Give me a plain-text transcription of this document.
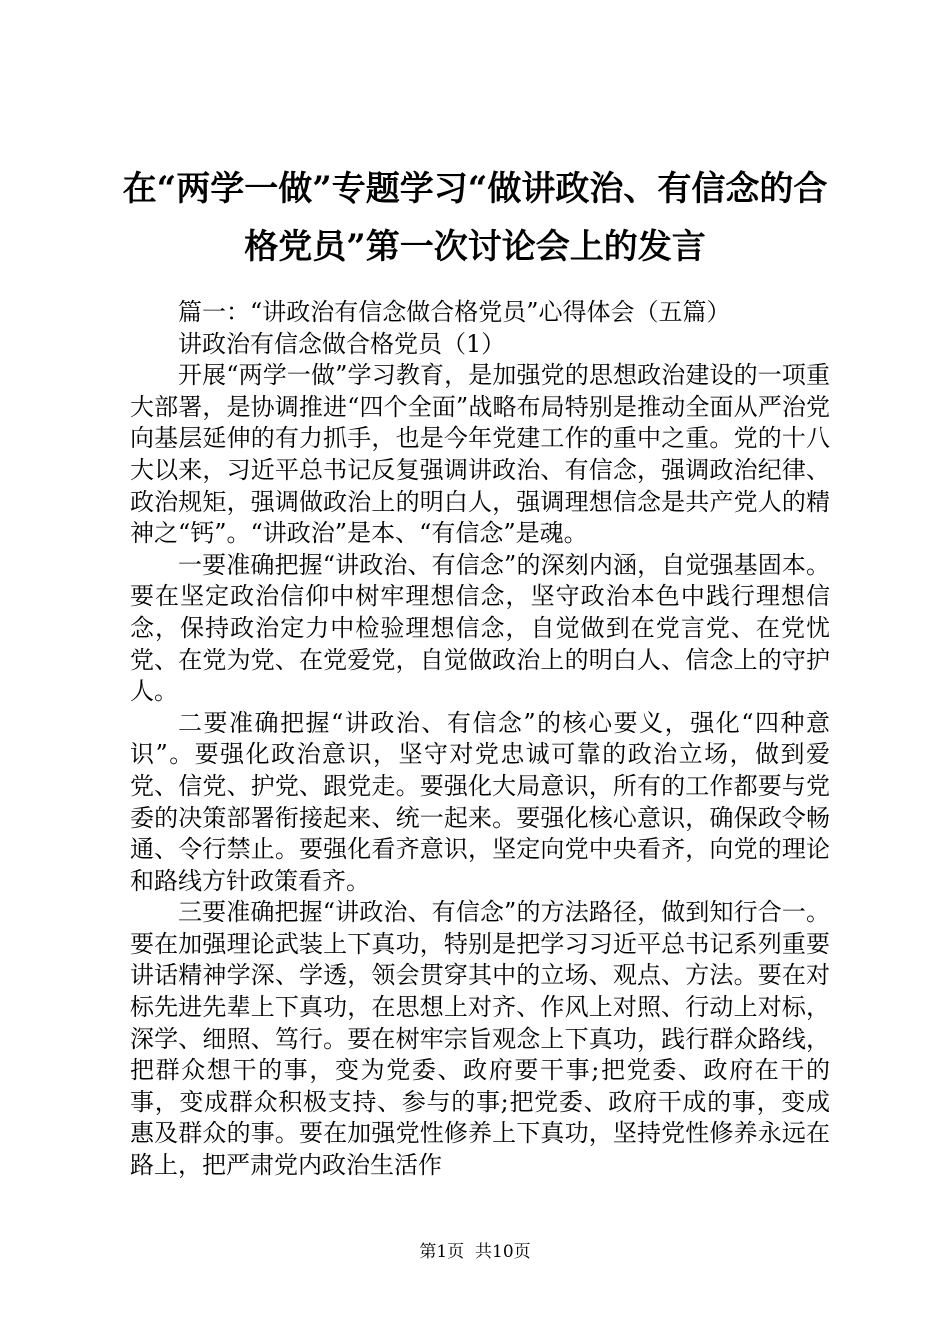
在“两学一做”专题学习“做讲政治、有信念的合格党员”第一次讨论会上的发言

篇一：“讲政治有信念做合格党员”心得体会（五篇）

讲政治有信念做合格党员（1）

开展“两学一做”学习教育，是加强党的思想政治建设的一项重大部署，是协调推进“四个全面”战略布局特别是推动全面从严治党向基层延伸的有力抓手，也是今年党建工作的重中之重。党的十八大以来，习近平总书记反复强调讲政治、有信念，强调政治纪律、政治规矩，强调做政治上的明白人，强调理想信念是共产党人的精神之“钙”。“讲政治”是本、“有信念”是魂。

一要准确把握“讲政治、有信念”的深刻内涵，自觉强基固本。要在坚定政治信仰中树牢理想信念，坚守政治本色中践行理想信念，保持政治定力中检验理想信念，自觉做到在党言党、在党忧党、在党为党、在党爱党，自觉做政治上的明白人、信念上的守护人。

二要准确把握“讲政治、有信念”的核心要义，强化“四种意识”。要强化政治意识，坚守对党忠诚可靠的政治立场，做到爱党、信党、护党、跟党走。要强化大局意识，所有的工作都要与党委的决策部署衔接起来、统一起来。要强化核心意识，确保政令畅通、令行禁止。要强化看齐意识，坚定向党中央看齐，向党的理论和路线方针政策看齐。

三要准确把握“讲政治、有信念”的方法路径，做到知行合一。要在加强理论武装上下真功，特别是把学习习近平总书记系列重要讲话精神学深、学透，领会贯穿其中的立场、观点、方法。要在对标先进先辈上下真功，在思想上对齐、作风上对照、行动上对标，深学、细照、笃行。要在树牢宗旨观念上下真功，践行群众路线，把群众想干的事，变为党委、政府要干事;把党委、政府在干的事，变成群众积极支持、参与的事;把党委、政府干成的事，变成惠及群众的事。要在加强党性修养上下真功，坚持党性修养永远在路上，把严肃党内政治生活作

第1页 共10页
